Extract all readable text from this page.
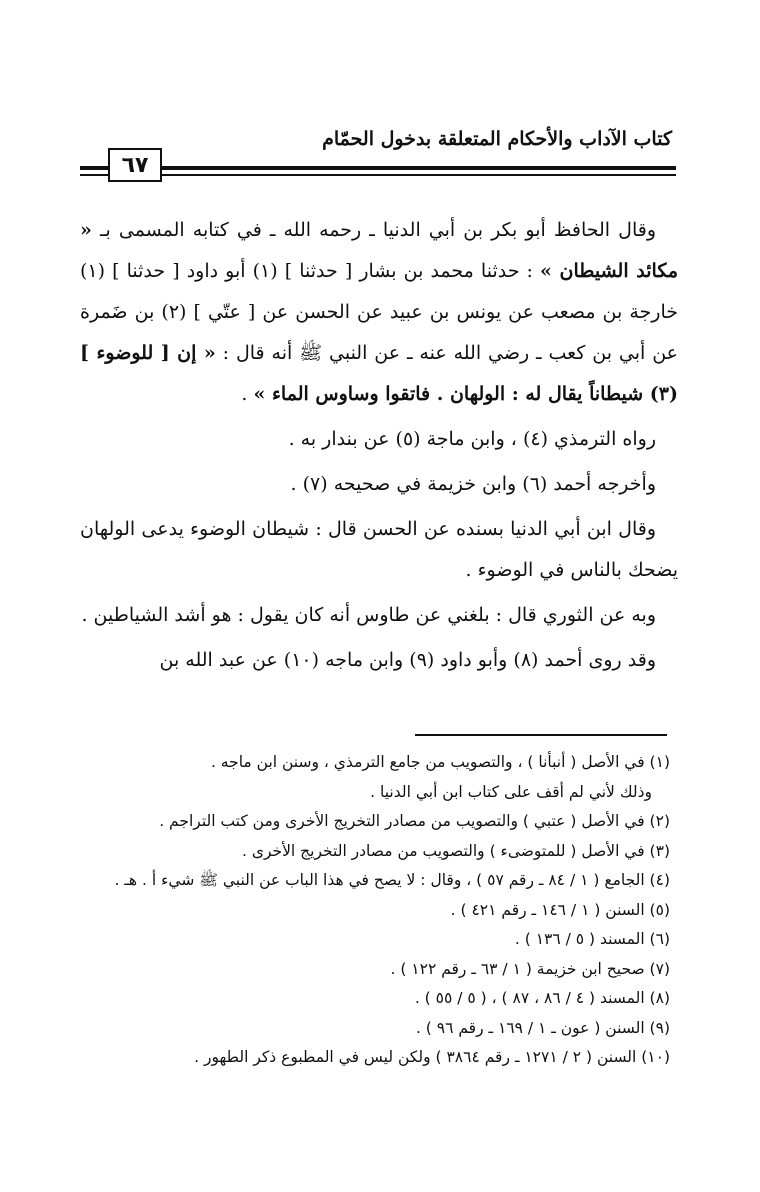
كتاب الآداب والأحكام المتعلقة بدخول الحمّام
٦٧

وقال الحافظ أبو بكر بن أبي الدنيا ـ رحمه الله ـ في كتابه المسمى بـ « مكائد الشيطان » : حدثنا محمد بن بشار [ حدثنا ] (١) أبو داود [ حدثنا ] (١) خارجة بن مصعب عن يونس بن عبيد عن الحسن عن [ عتّي ] (٢) بن ضَمرة عن أبي بن كعب ـ رضي الله عنه ـ عن النبي ﷺ أنه قال : « إن [ للوضوء ] (٣) شيطاناً يقال له : الولهان . فاتقوا وساوس الماء » .

رواه الترمذي (٤) ، وابن ماجة (٥) عن بندار به .

وأخرجه أحمد (٦) وابن خزيمة في صحيحه (٧) .

وقال ابن أبي الدنيا بسنده عن الحسن قال : شيطان الوضوء يدعى الولهان يضحك بالناس في الوضوء .

وبه عن الثوري قال : بلغني عن طاوس أنه كان يقول : هو أشد الشياطين .

وقد روى أحمد (٨) وأبو داود (٩) وابن ماجه (١٠) عن عبد الله بن

(١) في الأصل ( أنبأنا ) ، والتصويب من جامع الترمذي ، وسنن ابن ماجه .

وذلك لأني لم أقف على كتاب ابن أبي الدنيا .

(٢) في الأصل ( عتبي ) والتصويب من مصادر التخريج الأخرى ومن كتب التراجم .

(٣) في الأصل ( للمتوضىء ) والتصويب من مصادر التخريج الأخرى .

(٤) الجامع ( ١ / ٨٤ ـ رقم ٥٧ ) ، وقال : لا يصح في هذا الباب عن النبي ﷺ شيء أ . هـ .

(٥) السنن ( ١ / ١٤٦ ـ رقم ٤٢١ ) .

(٦) المسند ( ٥ / ١٣٦ ) .

(٧) صحيح ابن خزيمة ( ١ / ٦٣ ـ رقم ١٢٢ ) .

(٨) المسند ( ٤ / ٨٦ ، ٨٧ ) ، ( ٥ / ٥٥ ) .

(٩) السنن ( عون ـ ١ / ١٦٩ ـ رقم ٩٦ ) .

(١٠) السنن ( ٢ / ١٢٧١ ـ رقم ٣٨٦٤ ) ولكن ليس في المطبوع ذكر الطهور .
